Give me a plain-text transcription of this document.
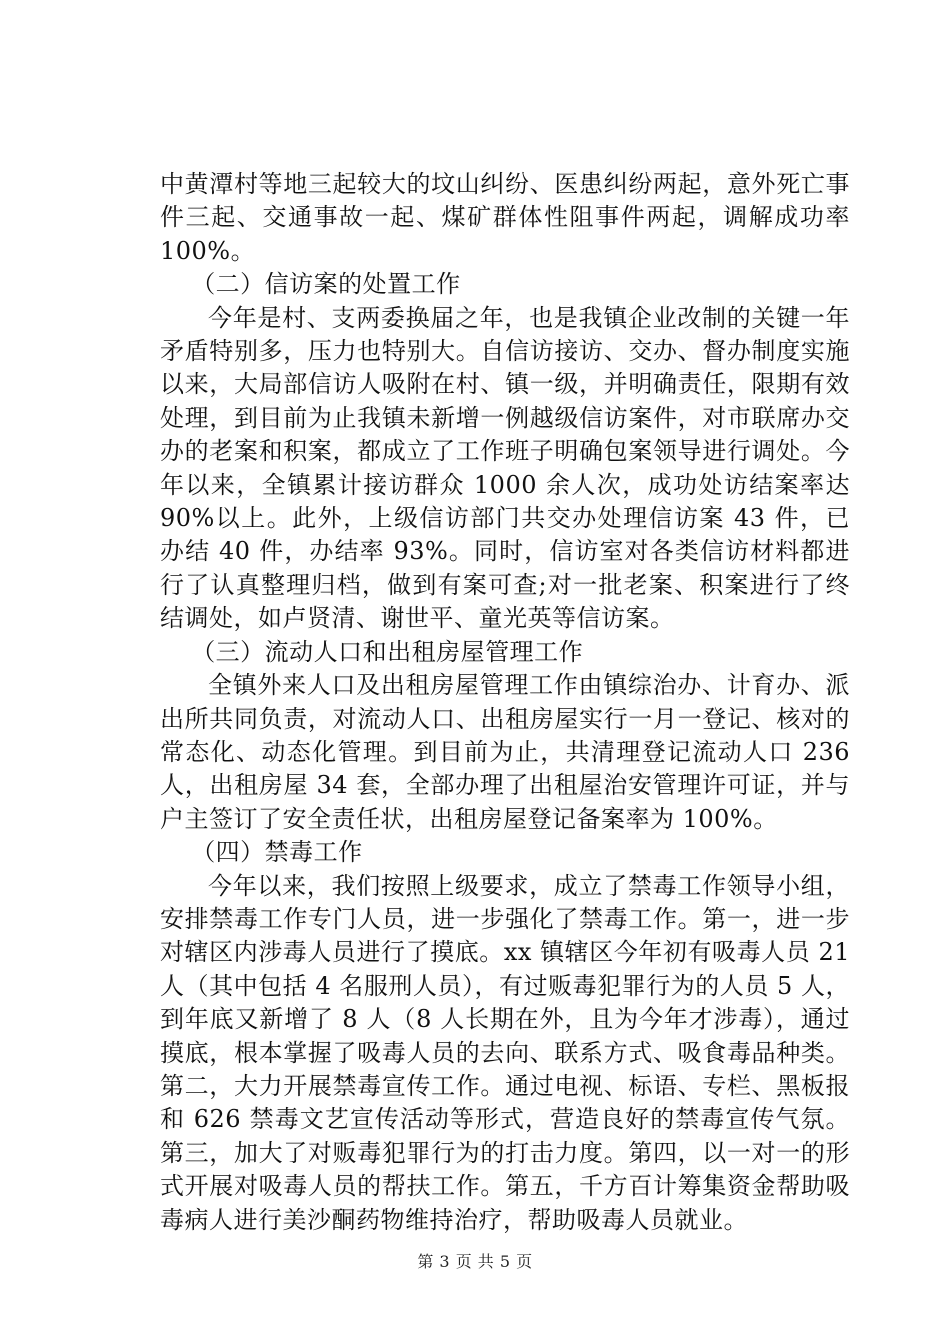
中黄潭村等地三起较大的坟山纠纷、医患纠纷两起，意外死亡事件三起、交通事故一起、煤矿群体性阻事件两起，调解成功率 100%。

（二）信访案的处置工作

今年是村、支两委换届之年，也是我镇企业改制的关键一年矛盾特别多，压力也特别大。自信访接访、交办、督办制度实施以来，大局部信访人吸附在村、镇一级，并明确责任，限期有效处理，到目前为止我镇未新增一例越级信访案件，对市联席办交办的老案和积案，都成立了工作班子明确包案领导进行调处。今年以来，全镇累计接访群众 1000 余人次，成功处访结案率达 90%以上。此外，上级信访部门共交办处理信访案 43 件，已办结 40 件，办结率 93%。同时，信访室对各类信访材料都进行了认真整理归档，做到有案可查;对一批老案、积案进行了终结调处，如卢贤清、谢世平、童光英等信访案。

（三）流动人口和出租房屋管理工作

全镇外来人口及出租房屋管理工作由镇综治办、计育办、派出所共同负责，对流动人口、出租房屋实行一月一登记、核对的常态化、动态化管理。到目前为止，共清理登记流动人口 236 人，出租房屋 34 套，全部办理了出租屋治安管理许可证，并与户主签订了安全责任状，出租房屋登记备案率为 100%。

（四）禁毒工作

今年以来，我们按照上级要求，成立了禁毒工作领导小组，安排禁毒工作专门人员，进一步强化了禁毒工作。第一，进一步对辖区内涉毒人员进行了摸底。xx 镇辖区今年初有吸毒人员 21 人（其中包括 4 名服刑人员），有过贩毒犯罪行为的人员 5 人，到年底又新增了 8 人（8 人长期在外，且为今年才涉毒），通过摸底，根本掌握了吸毒人员的去向、联系方式、吸食毒品种类。第二，大力开展禁毒宣传工作。通过电视、标语、专栏、黑板报和 626 禁毒文艺宣传活动等形式，营造良好的禁毒宣传气氛。第三，加大了对贩毒犯罪行为的打击力度。第四，以一对一的形式开展对吸毒人员的帮扶工作。第五，千方百计筹集资金帮助吸毒病人进行美沙酮药物维持治疗，帮助吸毒人员就业。

第 3 页 共 5 页
